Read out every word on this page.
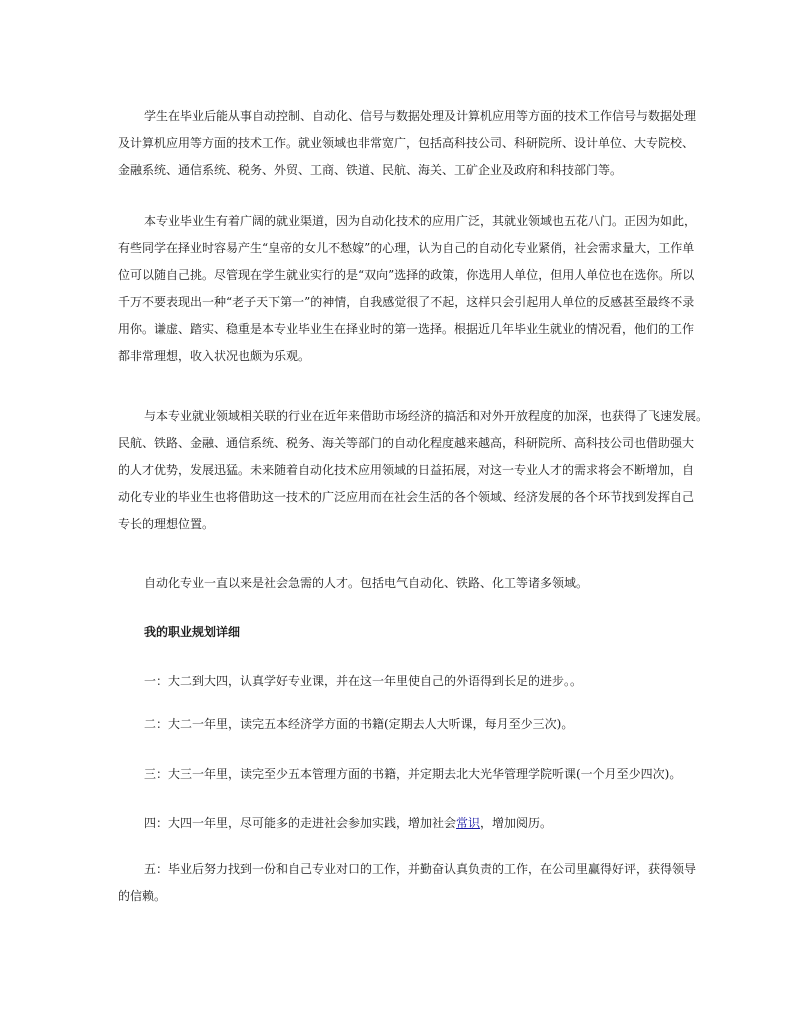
学生在毕业后能从事自动控制、自动化、信号与数据处理及计算机应用等方面的技术工作信号与数据处理
及计算机应用等方面的技术工作。就业领域也非常宽广，包括高科技公司、科研院所、设计单位、大专院校、
金融系统、通信系统、税务、外贸、工商、铁道、民航、海关、工矿企业及政府和科技部门等。

本专业毕业生有着广阔的就业渠道，因为自动化技术的应用广泛，其就业领域也五花八门。正因为如此，
有些同学在择业时容易产生“皇帝的女儿不愁嫁”的心理，认为自己的自动化专业紧俏，社会需求量大，工作单
位可以随自己挑。尽管现在学生就业实行的是“双向”选择的政策，你选用人单位，但用人单位也在选你。所以
千万不要表现出一种“老子天下第一”的神情，自我感觉很了不起，这样只会引起用人单位的反感甚至最终不录
用你。谦虚、踏实、稳重是本专业毕业生在择业时的第一选择。根据近几年毕业生就业的情况看，他们的工作
都非常理想，收入状况也颇为乐观。

与本专业就业领域相关联的行业在近年来借助市场经济的搞活和对外开放程度的加深，也获得了飞速发展。
民航、铁路、金融、通信系统、税务、海关等部门的自动化程度越来越高，科研院所、高科技公司也借助强大
的人才优势，发展迅猛。未来随着自动化技术应用领域的日益拓展，对这一专业人才的需求将会不断增加，自
动化专业的毕业生也将借助这一技术的广泛应用而在社会生活的各个领域、经济发展的各个环节找到发挥自己
专长的理想位置。

自动化专业一直以来是社会急需的人才。包括电气自动化、铁路、化工等诸多领域。

我的职业规划详细

一：大二到大四，认真学好专业课，并在这一年里使自己的外语得到长足的进步。。

二：大二一年里，读完五本经济学方面的书籍(定期去人大听课，每月至少三次)。

三：大三一年里，读完至少五本管理方面的书籍，并定期去北大光华管理学院听课(一个月至少四次)。

四：大四一年里，尽可能多的走进社会参加实践，增加社会常识，增加阅历。

五：毕业后努力找到一份和自己专业对口的工作，并勤奋认真负责的工作，在公司里赢得好评，获得领导
的信赖。
